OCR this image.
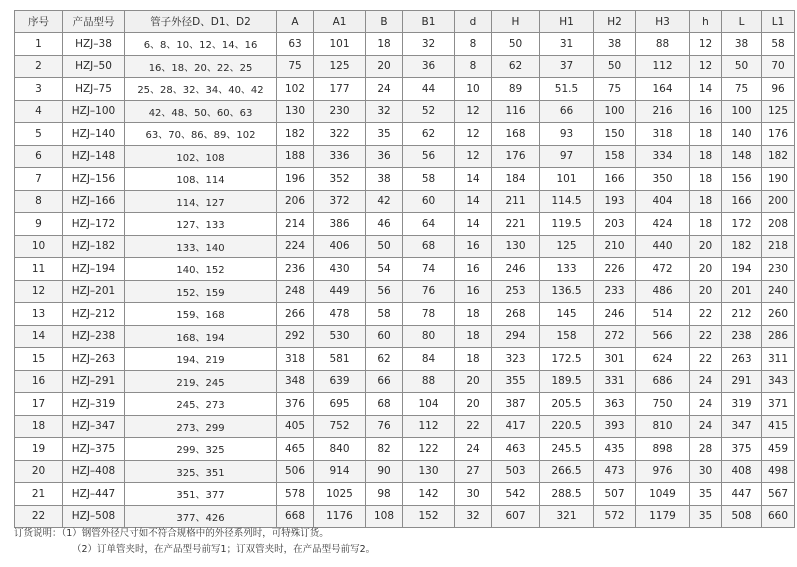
序号	产品型号	管子外径D、D1、D2	A	A1	B	B1	d	H	H1	H2	H3	h	L	L1
1	HZJ–38	6、8、10、12、14、16	63	101	18	32	8	50	31	38	88	12	38	58
2	HZJ–50	16、18、20、22、25	75	125	20	36	8	62	37	50	112	12	50	70
3	HZJ–75	25、28、32、34、40、42	102	177	24	44	10	89	51.5	75	164	14	75	96
4	HZJ–100	42、48、50、60、63	130	230	32	52	12	116	66	100	216	16	100	125
5	HZJ–140	63、70、86、89、102	182	322	35	62	12	168	93	150	318	18	140	176
6	HZJ–148	102、108	188	336	36	56	12	176	97	158	334	18	148	182
7	HZJ–156	108、114	196	352	38	58	14	184	101	166	350	18	156	190
8	HZJ–166	114、127	206	372	42	60	14	211	114.5	193	404	18	166	200
9	HZJ–172	127、133	214	386	46	64	14	221	119.5	203	424	18	172	208
10	HZJ–182	133、140	224	406	50	68	16	130	125	210	440	20	182	218
11	HZJ–194	140、152	236	430	54	74	16	246	133	226	472	20	194	230
12	HZJ–201	152、159	248	449	56	76	16	253	136.5	233	486	20	201	240
13	HZJ–212	159、168	266	478	58	78	18	268	145	246	514	22	212	260
14	HZJ–238	168、194	292	530	60	80	18	294	158	272	566	22	238	286
15	HZJ–263	194、219	318	581	62	84	18	323	172.5	301	624	22	263	311
16	HZJ–291	219、245	348	639	66	88	20	355	189.5	331	686	24	291	343
17	HZJ–319	245、273	376	695	68	104	20	387	205.5	363	750	24	319	371
18	HZJ–347	273、299	405	752	76	112	22	417	220.5	393	810	24	347	415
19	HZJ–375	299、325	465	840	82	122	24	463	245.5	435	898	28	375	459
20	HZJ–408	325、351	506	914	90	130	27	503	266.5	473	976	30	408	498
21	HZJ–447	351、377	578	1025	98	142	30	542	288.5	507	1049	35	447	567
22	HZJ–508	377、426	668	1176	108	152	32	607	321	572	1179	35	508	660
订货说明：（1）钢管外径尺寸如不符合规格中的外径系列时，可特殊订货。
（2）订单管夹时，在产品型号前写1；订双管夹时，在产品型号前写2。
